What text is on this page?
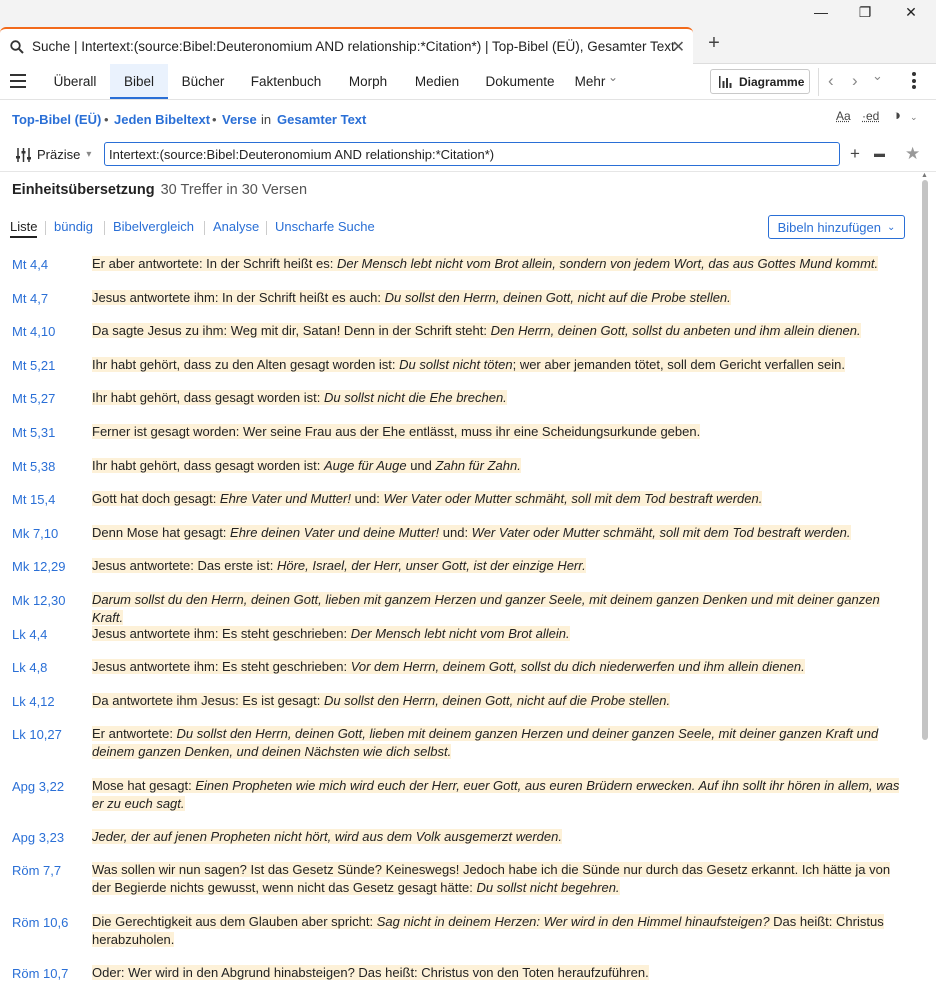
—	❐	✕
Suche | Intertext:(source:Bibel:Deuteronomium AND relationship:*Citation*) | Top-Bibel (EÜ), Gesamter Text
✕ +
Überall	Bibel	Bücher	Faktenbuch	Morph	Medien	Dokumente	Mehr ⌄	Diagramme ‹ › ⌄
Top-Bibel (EÜ) • Jeden Bibeltext • Verse in Gesamter Text	Aa ·ed ◑ ⌄
Präzise ▾
Intertext:(source:Bibel:Deuteronomium AND relationship:*Citation*)	+ ▬ ★
Einheitsübersetzung 30 Treffer in 30 Versen
Liste bündig Bibelvergleich Analyse Unscharfe Suche	Bibeln hinzufügen ⌄
Mt 4,4	Er aber antwortete: In der Schrift heißt es: Der Mensch lebt nicht vom Brot allein, sondern von jedem Wort, das aus Gottes Mund kommt.
Mt 4,7	Jesus antwortete ihm: In der Schrift heißt es auch: Du sollst den Herrn, deinen Gott, nicht auf die Probe stellen.
Mt 4,10	Da sagte Jesus zu ihm: Weg mit dir, Satan! Denn in der Schrift steht: Den Herrn, deinen Gott, sollst du anbeten und ihm allein dienen.
Mt 5,21	Ihr habt gehört, dass zu den Alten gesagt worden ist: Du sollst nicht töten; wer aber jemanden tötet, soll dem Gericht verfallen sein.
Mt 5,27	Ihr habt gehört, dass gesagt worden ist: Du sollst nicht die Ehe brechen.
Mt 5,31	Ferner ist gesagt worden: Wer seine Frau aus der Ehe entlässt, muss ihr eine Scheidungsurkunde geben.
Mt 5,38	Ihr habt gehört, dass gesagt worden ist: Auge für Auge und Zahn für Zahn.
Mt 15,4	Gott hat doch gesagt: Ehre Vater und Mutter! und: Wer Vater oder Mutter schmäht, soll mit dem Tod bestraft werden.
Mk 7,10	Denn Mose hat gesagt: Ehre deinen Vater und deine Mutter! und: Wer Vater oder Mutter schmäht, soll mit dem Tod bestraft werden.
Mk 12,29 Jesus antwortete: Das erste ist: Höre, Israel, der Herr, unser Gott, ist der einzige Herr.
Mk 12,30 Darum sollst du den Herrn, deinen Gott, lieben mit ganzem Herzen und ganzer Seele, mit deinem ganzen Denken und mit deiner ganzen Kraft.
Lk 4,4	Jesus antwortete ihm: Es steht geschrieben: Der Mensch lebt nicht vom Brot allein.
Lk 4,8	Jesus antwortete ihm: Es steht geschrieben: Vor dem Herrn, deinem Gott, sollst du dich niederwerfen und ihm allein dienen.
Lk 4,12	Da antwortete ihm Jesus: Es ist gesagt: Du sollst den Herrn, deinen Gott, nicht auf die Probe stellen.
Lk 10,27 Er antwortete: Du sollst den Herrn, deinen Gott, lieben mit deinem ganzen Herzen und deiner ganzen Seele, mit deiner ganzen Kraft und deinem ganzen Denken, und deinen Nächsten wie dich selbst.
Apg 3,22 Mose hat gesagt: Einen Propheten wie mich wird euch der Herr, euer Gott, aus euren Brüdern erwecken. Auf ihn sollt ihr hören in allem, was er zu euch sagt.
Apg 3,23 Jeder, der auf jenen Propheten nicht hört, wird aus dem Volk ausgemerzt werden.
Röm 7,7 Was sollen wir nun sagen? Ist das Gesetz Sünde? Keineswegs! Jedoch habe ich die Sünde nur durch das Gesetz erkannt. Ich hätte ja von der Begierde nichts gewusst, wenn nicht das Gesetz gesagt hätte: Du sollst nicht begehren.
Röm 10,6 Die Gerechtigkeit aus dem Glauben aber spricht: Sag nicht in deinem Herzen: Wer wird in den Himmel hinaufsteigen? Das heißt: Christus herabzuholen.
Röm 10,7 Oder: Wer wird in den Abgrund hinabsteigen? Das heißt: Christus von den Toten heraufzuführen.
▲
